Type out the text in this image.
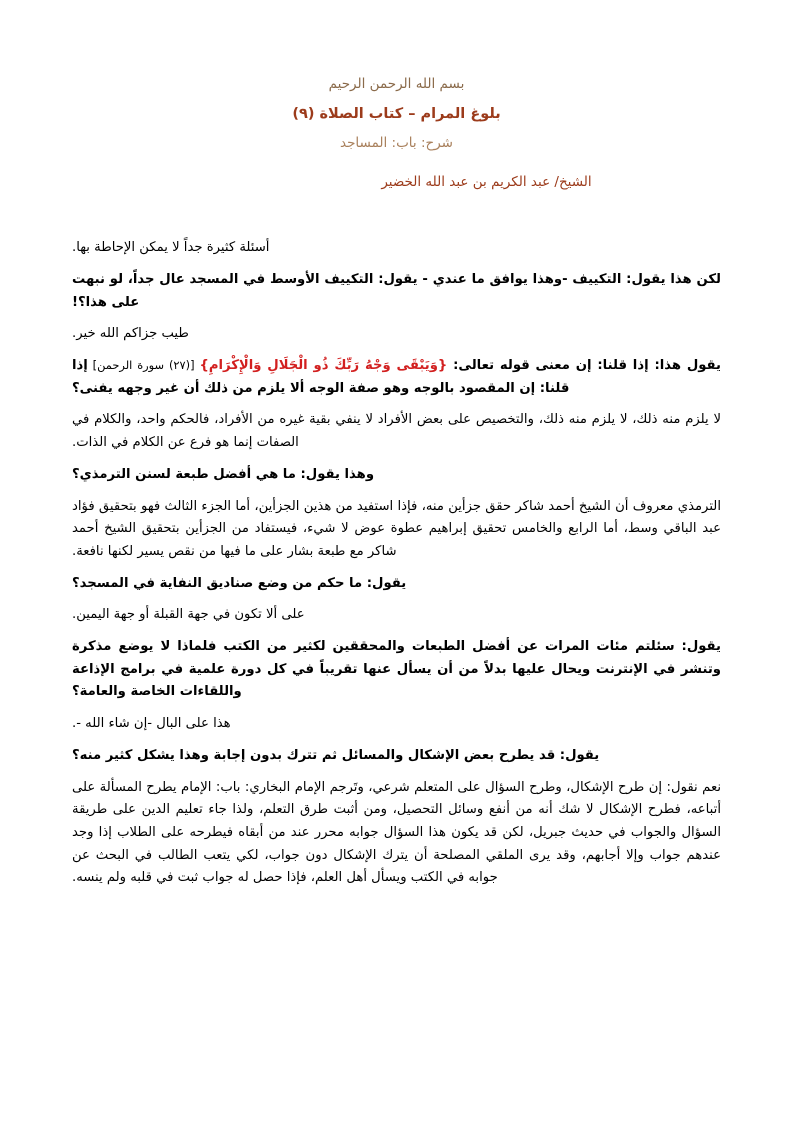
بسم الله الرحمن الرحيم
بلوغ المرام – كتاب الصلاة (٩)
شرح: باب: المساجد
الشيخ/ عبد الكريم بن عبد الله الخضير

أسئلة كثيرة جداً لا يمكن الإحاطة بها.

لكن هذا يقول: التكييف -وهذا يوافق ما عندي - يقول: التكييف الأوسط في المسجد عال جداً، لو نبهت على هذا؟!

طيب جزاكم الله خير.

يقول هذا: إذا قلنا: إن معنى قوله تعالى: {وَيَبْقَى وَجْهُ رَبِّكَ ذُو الْجَلَالِ وَالْإِكْرَامِ} [(٢٧) سورة الرحمن] إذا قلنا: إن المقصود بالوجه وهو صفة الوجه ألا يلزم من ذلك أن غير وجهه يفنى؟

لا يلزم منه ذلك، لا يلزم منه ذلك، والتخصيص على بعض الأفراد لا ينفي بقية غيره من الأفراد، فالحكم واحد، والكلام في الصفات إنما هو فرع عن الكلام في الذات.

وهذا يقول: ما هي أفضل طبعة لسنن الترمذي؟

الترمذي معروف أن الشيخ أحمد شاكر حقق جزأين منه، فإذا استفيد من هذين الجزأين، أما الجزء الثالث فهو بتحقيق فؤاد عبد الباقي وسط، أما الرابع والخامس تحقيق إبراهيم عطوة عوض لا شيء، فيستفاد من الجزأين بتحقيق الشيخ أحمد شاكر مع طبعة بشار على ما فيها من نقص يسير لكنها نافعة.

يقول: ما حكم من وضع صناديق النفاية في المسجد؟

على ألا تكون في جهة القبلة أو جهة اليمين.

يقول: سئلتم مئات المرات عن أفضل الطبعات والمحققين لكثير من الكتب فلماذا لا يوضع مذكرة وتنشر في الإنترنت ويحال عليها بدلاً من أن يسأل عنها تقريباً في كل دورة علمية في برامج الإذاعة واللقاءات الخاصة والعامة؟

هذا على البال -إن شاء الله -.

يقول: قد يطرح بعض الإشكال والمسائل ثم تترك بدون إجابة وهذا يشكل كثير منه؟

نعم نقول: إن طرح الإشكال، وطرح السؤال على المتعلم شرعي، وتَرجم الإمام البخاري: باب: الإمام يطرح المسألة على أتباعه، فطرح الإشكال لا شك أنه من أنفع وسائل التحصيل، ومن أثبت طرق التعلم، ولذا جاء تعليم الدين على طريقة السؤال والجواب في حديث جبريل، لكن قد يكون هذا السؤال جوابه محرر عند من أبقاه فيطرحه على الطلاب إذا وجد عندهم جواب وإلا أجابهم، وقد يرى الملقي المصلحة أن يترك الإشكال دون جواب، لكي يتعب الطالب في البحث عن جوابه في الكتب ويسأل أهل العلم، فإذا حصل له جواب ثبت في قلبه ولم ينسه.
